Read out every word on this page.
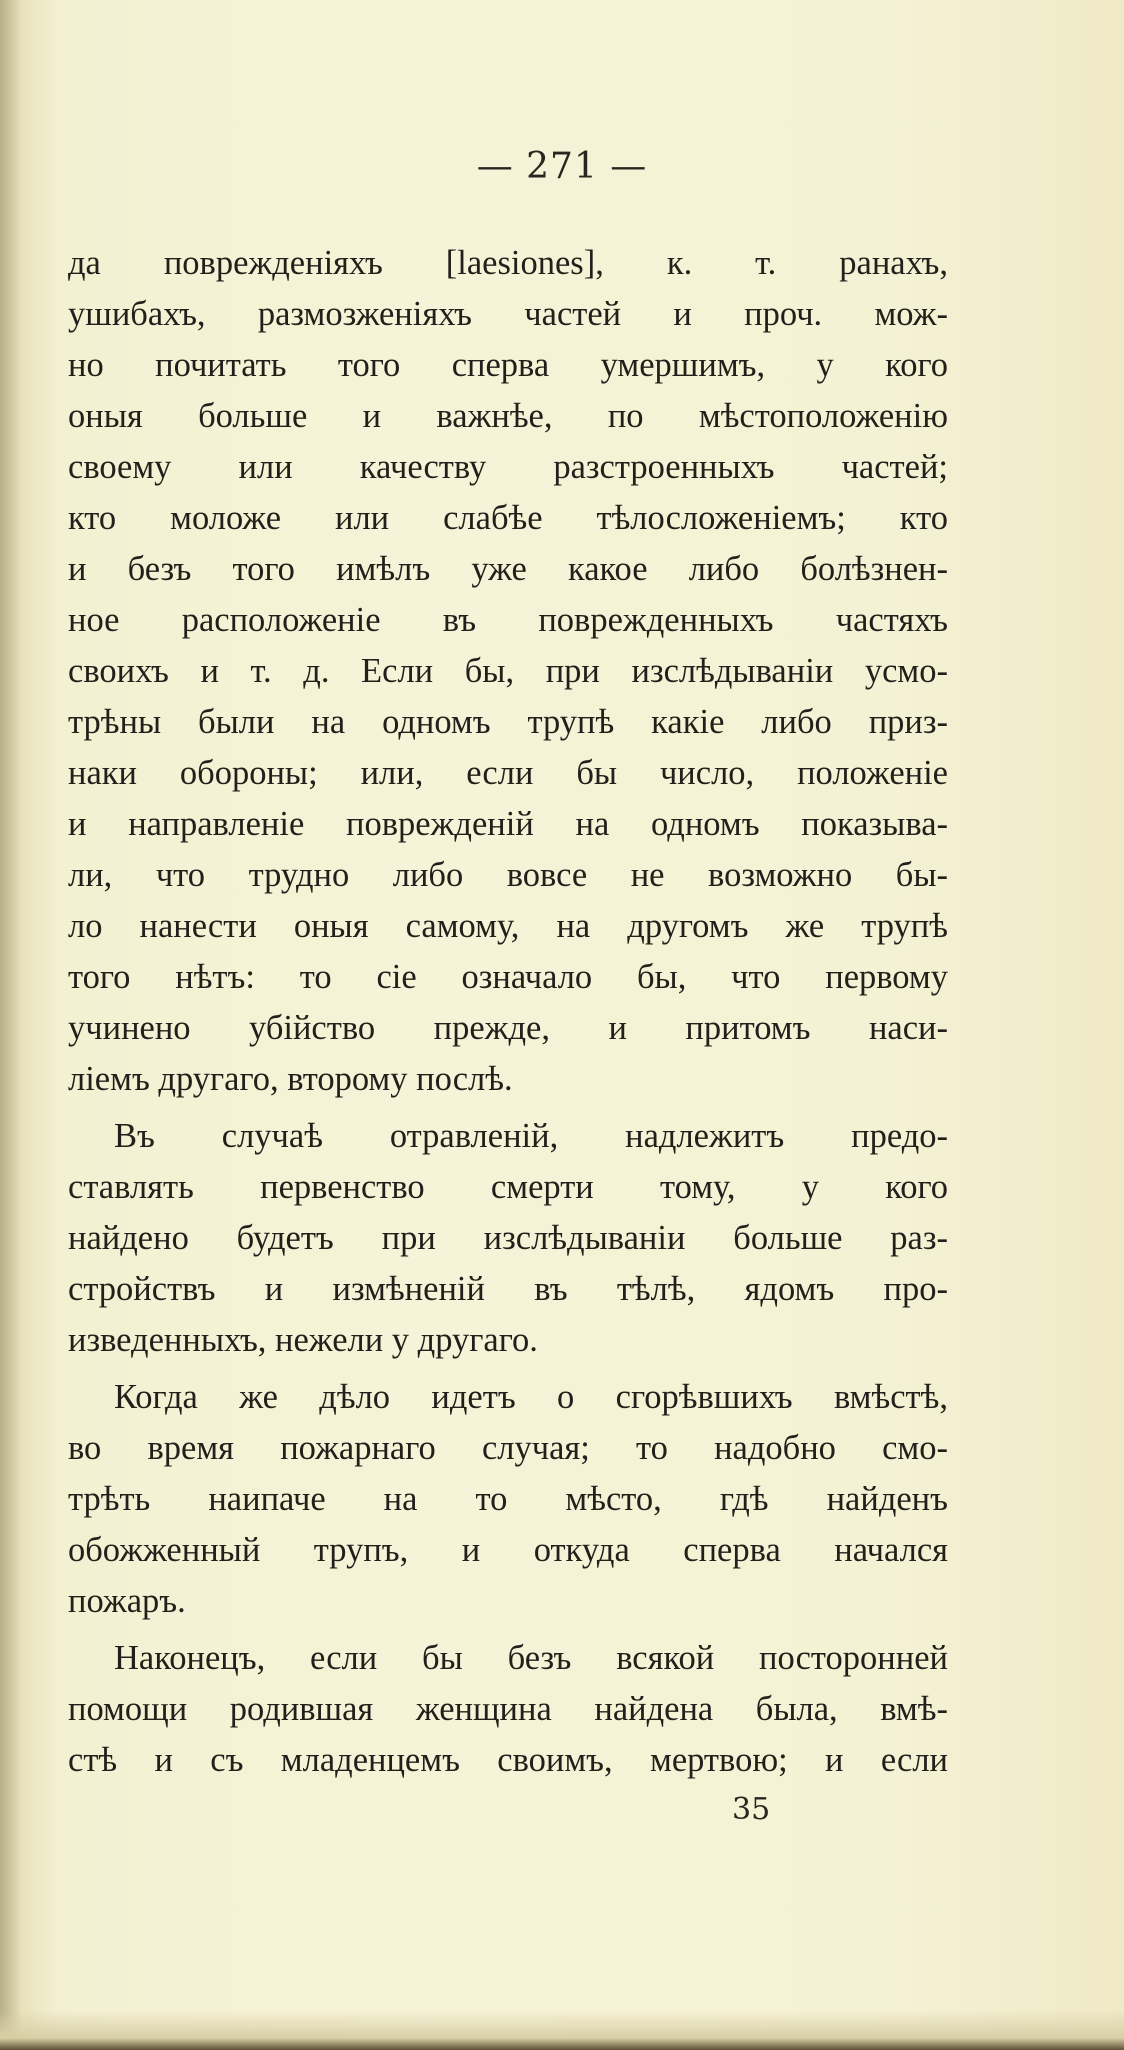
— 271 —
да поврежденiяхъ [laesiones], к. т. ранахъ,
ушибахъ, размозженiяхъ частей и проч. мож-
но почитать того сперва умершимъ, у кого
оныя больше и важнѣе, по мѣстоположенiю
своему или качеству разстроенныхъ частей;
кто моложе или слабѣе тѣлосложенiемъ; кто
и безъ того имѣлъ уже какое либо болѣзнен-
ное расположенiе въ поврежденныхъ частяхъ
своихъ и т. д. Если бы, при изслѣдыванiи усмо-
трѣны были на одномъ трупѣ какiе либо приз-
наки обороны; или, если бы число, положенiе
и направленiе поврежденiй на одномъ показыва-
ли, что трудно либо вовсе не возможно бы-
ло нанести оныя самому, на другомъ же трупѣ
того нѣтъ: то сiе означало бы, что первому
учинено убiйство прежде, и притомъ наси-
лiемъ другаго, второму послѣ.
Въ случаѣ отравленiй, надлежитъ предо-
ставлять первенство смерти тому, у кого
найдено будетъ при изслѣдыванiи больше раз-
стройствъ и измѣненiй въ тѣлѣ, ядомъ про-
изведенныхъ, нежели у другаго.
Когда же дѣло идетъ о сгорѣвшихъ вмѣстѣ,
во время пожарнаго случая; то надобно смо-
трѣть наипаче на то мѣсто, гдѣ найденъ
обожженный трупъ, и откуда сперва начался
пожаръ.
Наконецъ, если бы безъ всякой посторонней
помощи родившая женщина найдена была, вмѣ-
стѣ и съ младенцемъ своимъ, мертвою; и если
35
